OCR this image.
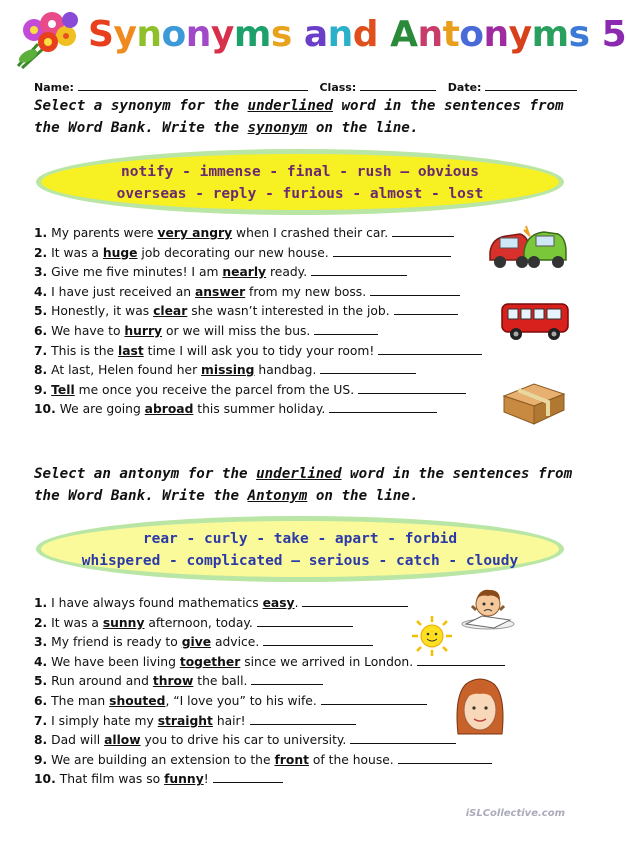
Synonyms and Antonyms 5
Name:	Class:	Date:
Select a synonym for the underlined word in the sentences from
the Word Bank. Write the synonym on the line.
notify - immense - final - rush – obvious
overseas - reply - furious - almost - lost
1. My parents were very angry when I crashed their car.
2. It was a huge job decorating our new house.
3. Give me five minutes! I am nearly ready.
4. I have just received an answer from my new boss.
5. Honestly, it was clear she wasn’t interested in the job.
6. We have to hurry or we will miss the bus.
7. This is the last time I will ask you to tidy your room!
8. At last, Helen found her missing handbag.
9. Tell me once you receive the parcel from the US.
10. We are going abroad this summer holiday.
Select an antonym for the underlined word in the sentences from
the Word Bank. Write the Antonym on the line.
rear - curly - take - apart - forbid
whispered - complicated – serious - catch - cloudy
1. I have always found mathematics easy.
2. It was a sunny afternoon, today.
3. My friend is ready to give advice.
4. We have been living together since we arrived in London.
5. Run around and throw the ball.
6. The man shouted, “I love you” to his wife.
7. I simply hate my straight hair!
8. Dad will allow you to drive his car to university.
9. We are building an extension to the front of the house.
10. That film was so funny!
iSLCollective.com
